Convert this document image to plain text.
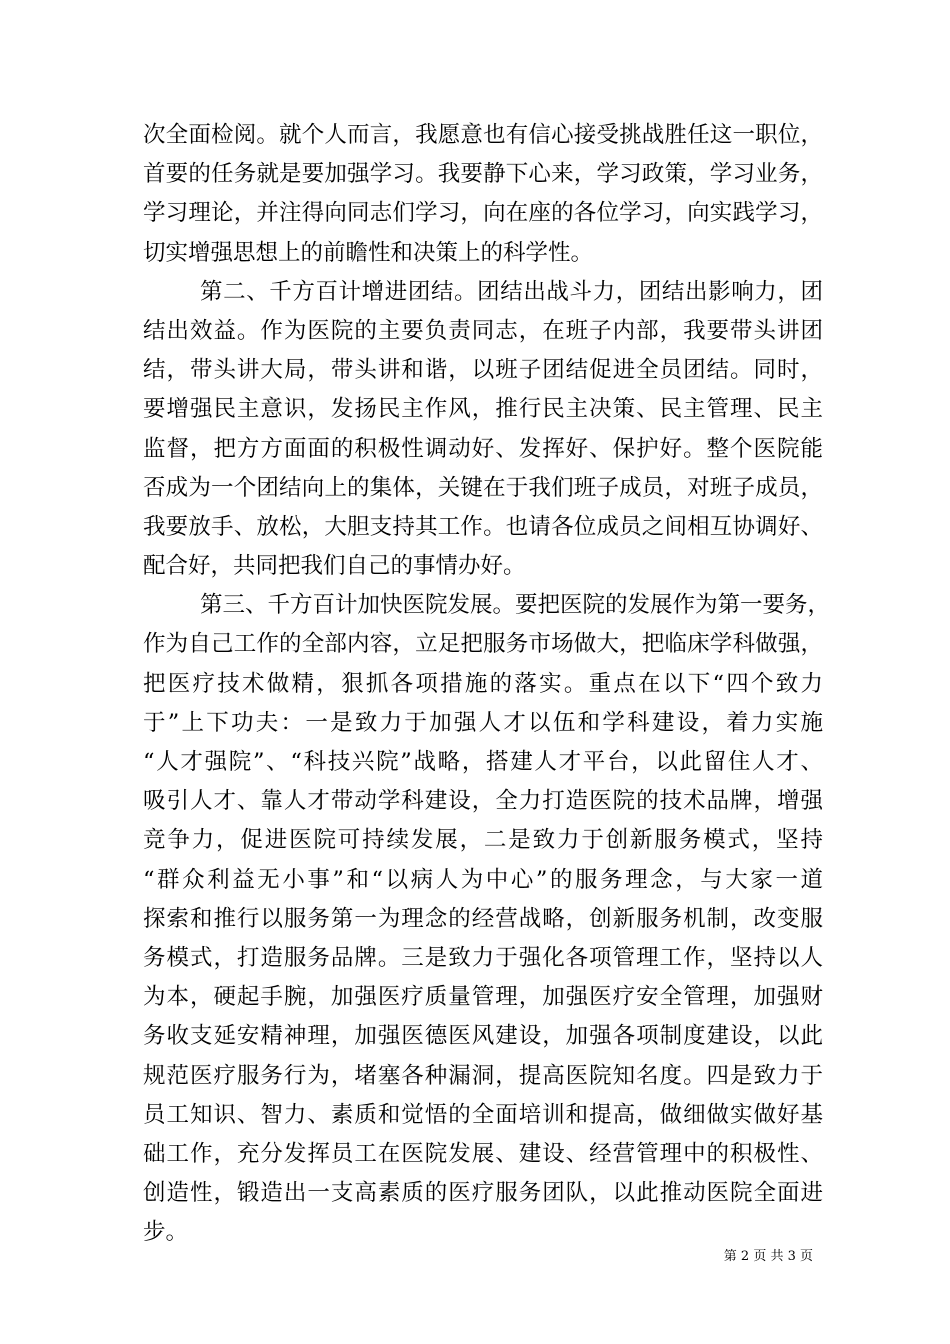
次全面检阅。就个人而言，我愿意也有信心接受挑战胜任这一职位，
首要的任务就是要加强学习。我要静下心来，学习政策，学习业务，
学习理论，并注得向同志们学习，向在座的各位学习，向实践学习，
切实增强思想上的前瞻性和决策上的科学性。
第二、千方百计增进团结。团结出战斗力，团结出影响力，团
结出效益。作为医院的主要负责同志，在班子内部，我要带头讲团
结，带头讲大局，带头讲和谐，以班子团结促进全员团结。同时，
要增强民主意识，发扬民主作风，推行民主决策、民主管理、民主
监督，把方方面面的积极性调动好、发挥好、保护好。整个医院能
否成为一个团结向上的集体，关键在于我们班子成员，对班子成员，
我要放手、放松，大胆支持其工作。也请各位成员之间相互协调好、
配合好，共同把我们自己的事情办好。
第三、千方百计加快医院发展。要把医院的发展作为第一要务，
作为自己工作的全部内容，立足把服务市场做大，把临床学科做强，
把医疗技术做精，狠抓各项措施的落实。重点在以下“四个致力
于”上下功夫：一是致力于加强人才以伍和学科建设，着力实施
“人才强院”、“科技兴院”战略，搭建人才平台，以此留住人才、
吸引人才、靠人才带动学科建设，全力打造医院的技术品牌，增强
竞争力，促进医院可持续发展，二是致力于创新服务模式，坚持
“群众利益无小事”和“以病人为中心”的服务理念，与大家一道
探索和推行以服务第一为理念的经营战略，创新服务机制，改变服
务模式，打造服务品牌。三是致力于强化各项管理工作，坚持以人
为本，硬起手腕，加强医疗质量管理，加强医疗安全管理，加强财
务收支延安精神理，加强医德医风建设，加强各项制度建设，以此
规范医疗服务行为，堵塞各种漏洞，提高医院知名度。四是致力于
员工知识、智力、素质和觉悟的全面培训和提高，做细做实做好基
础工作，充分发挥员工在医院发展、建设、经营管理中的积极性、
创造性，锻造出一支高素质的医疗服务团队，以此推动医院全面进
步。
第 2 页 共 3 页
